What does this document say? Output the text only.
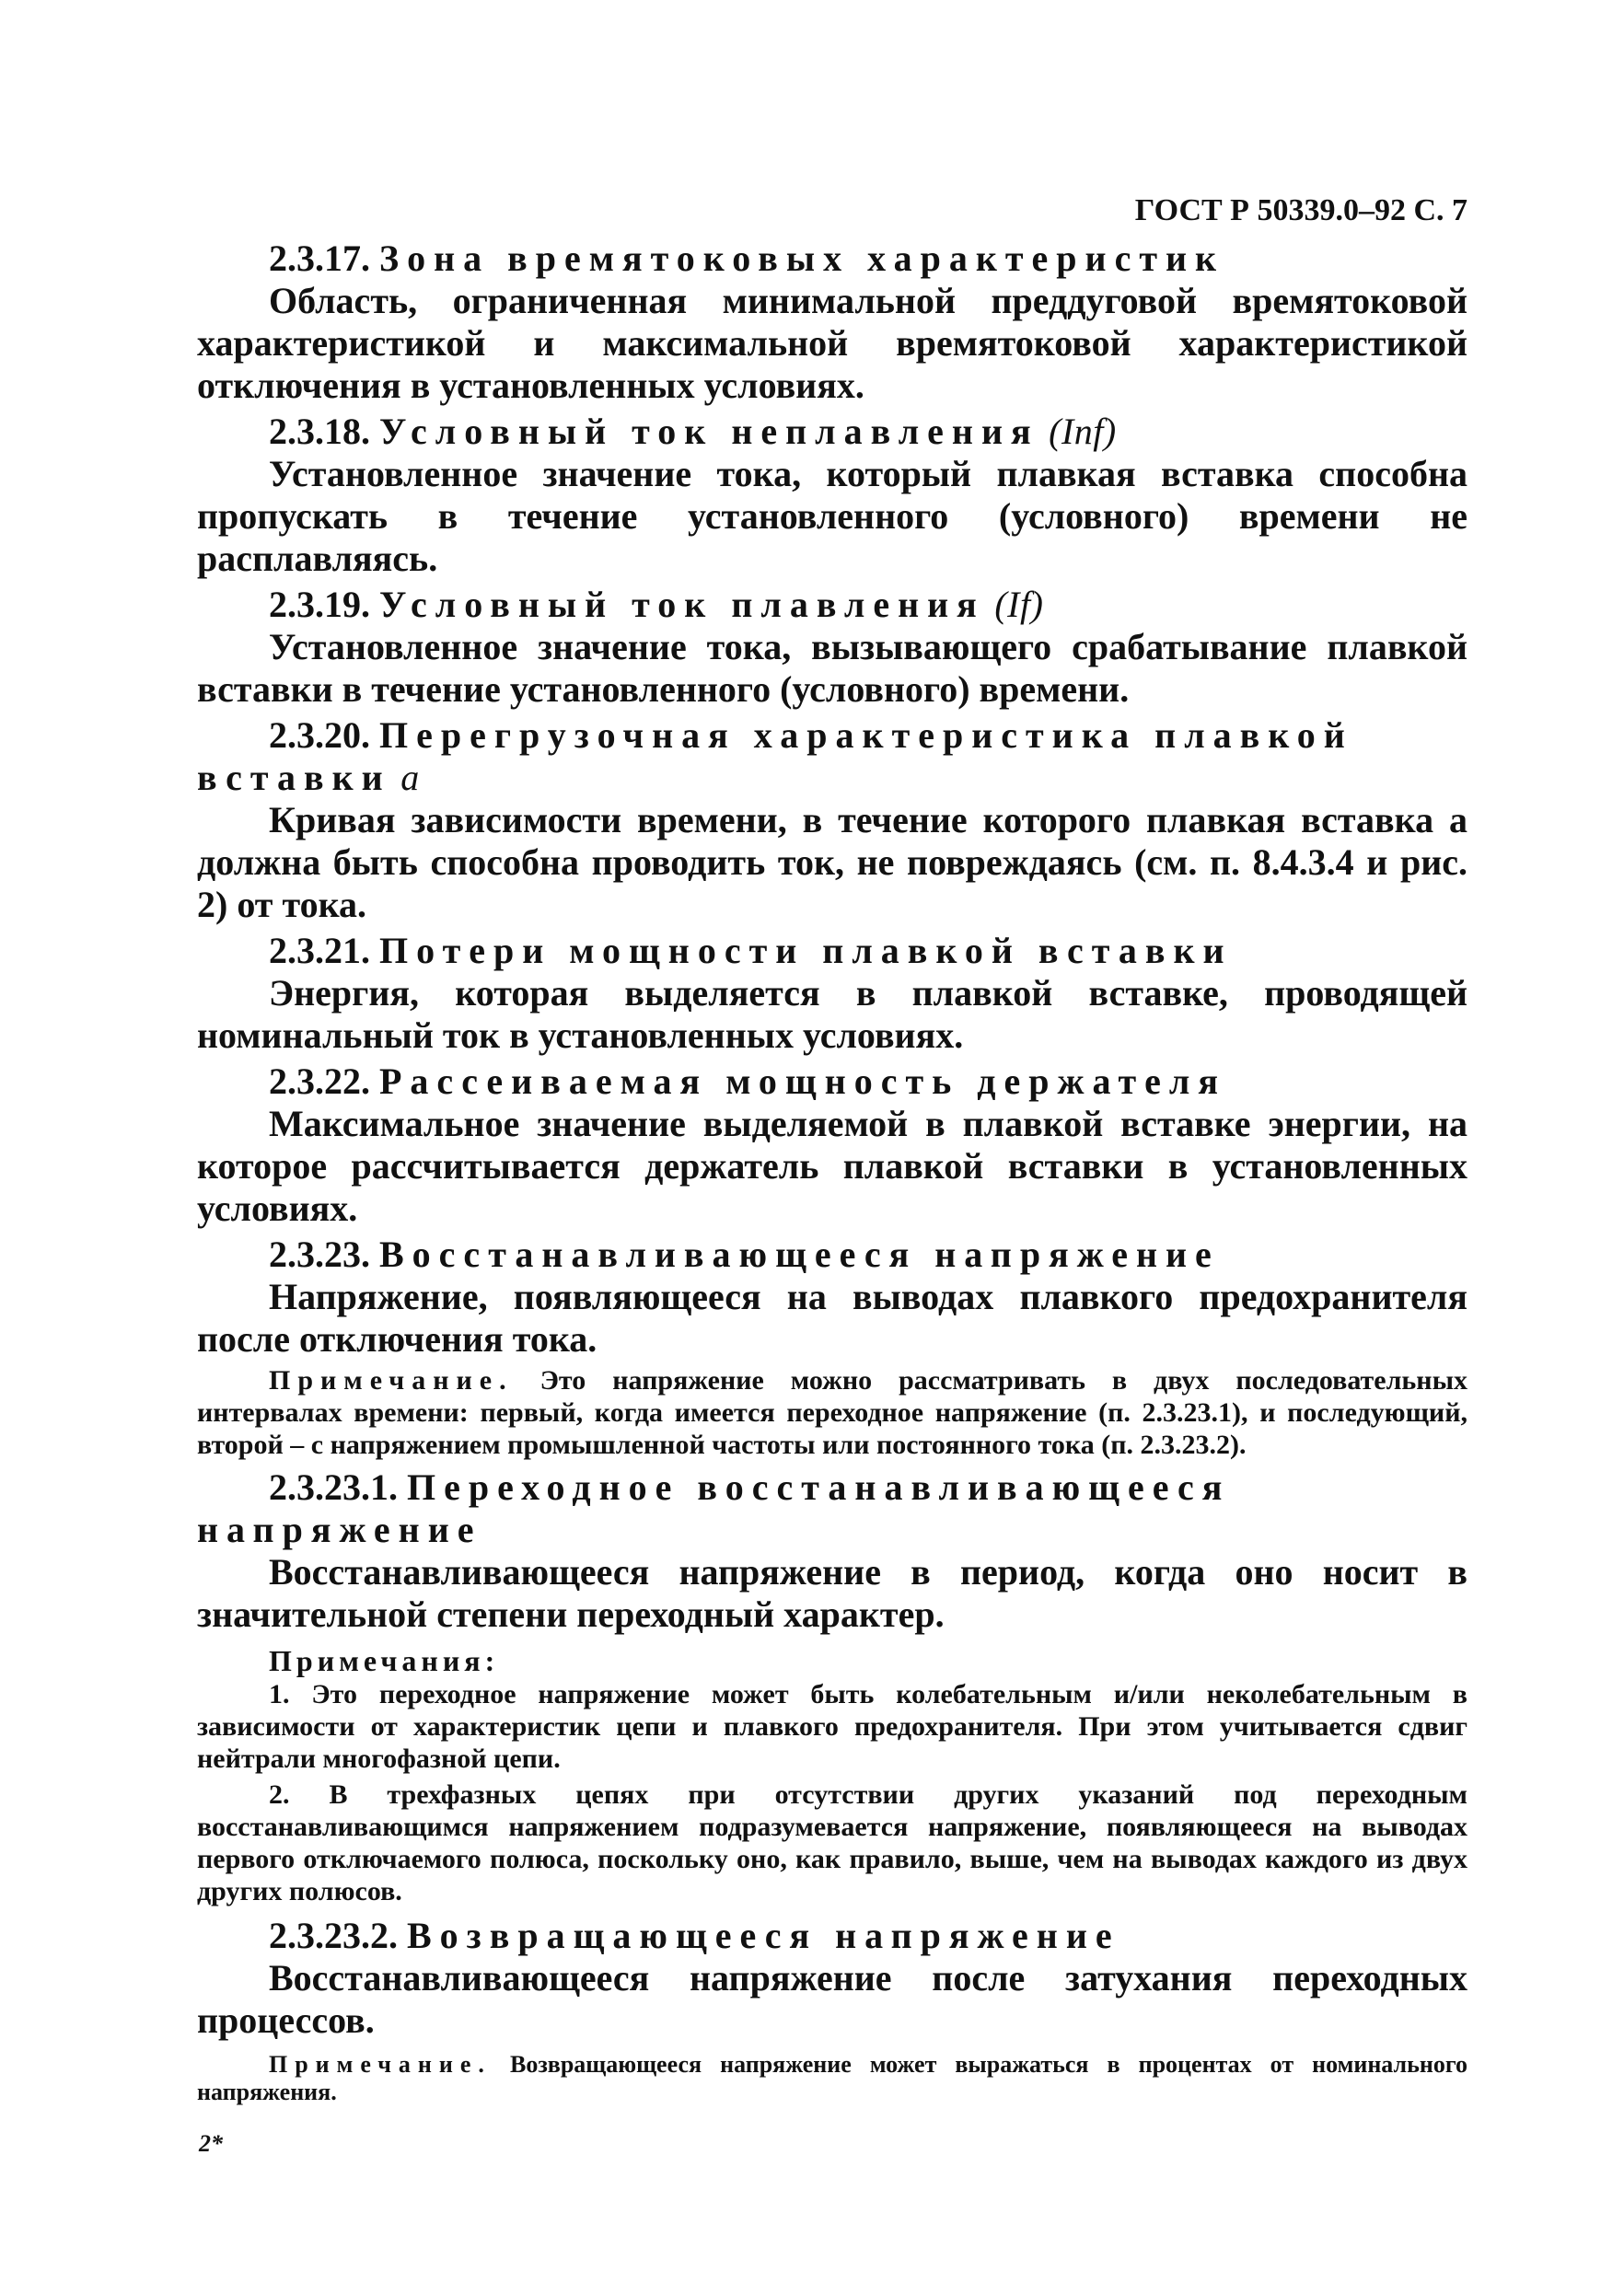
ГОСТ Р 50339.0–92 С. 7
2.3.17. Зона времятоковых характеристик

Область, ограниченная минимальной преддуговой времятоковой характеристикой и максимальной времятоковой характеристикой отключения в установленных условиях.

2.3.18. Условный ток неплавления (Inf)

Установленное значение тока, который плавкая вставка способна пропускать в течение установленного (условного) времени не расплавляясь.

2.3.19. Условный ток плавления (If)

Установленное значение тока, вызывающего срабатывание плавкой вставки в течение установленного (условного) времени.

2.3.20. Перегрузочная характеристика плавкой вставки a

Кривая зависимости времени, в течение которого плавкая вставка a должна быть способна проводить ток, не повреждаясь (см. п. 8.4.3.4 и рис. 2) от тока.

2.3.21. Потери мощности плавкой вставки

Энергия, которая выделяется в плавкой вставке, проводящей номинальный ток в установленных условиях.

2.3.22. Рассеиваемая мощность держателя

Максимальное значение выделяемой в плавкой вставке энергии, на которое рассчитывается держатель плавкой вставки в установленных условиях.

2.3.23. Восстанавливающееся напряжение

Напряжение, появляющееся на выводах плавкого предохранителя после отключения тока.

Примечание. Это напряжение можно рассматривать в двух последовательных интервалах времени: первый, когда имеется переходное напряжение (п. 2.3.23.1), и последующий, второй – с напряжением промышленной частоты или постоянного тока (п. 2.3.23.2).

2.3.23.1. Переходное восстанавливающееся напряжение

Восстанавливающееся напряжение в период, когда оно носит в значительной степени переходный характер.

Примечания:

1. Это переходное напряжение может быть колебательным и/или неколебательным в зависимости от характеристик цепи и плавкого предохранителя. При этом учитывается сдвиг нейтрали многофазной цепи.

2. В трехфазных цепях при отсутствии других указаний под переходным восстанавливающимся напряжением подразумевается напряжение, появляющееся на выводах первого отключаемого полюса, поскольку оно, как правило, выше, чем на выводах каждого из двух других полюсов.

2.3.23.2. Возвращающееся напряжение

Восстанавливающееся напряжение после затухания переходных процессов.

Примечание. Возвращающееся напряжение может выражаться в процентах от номинального напряжения.

2*
